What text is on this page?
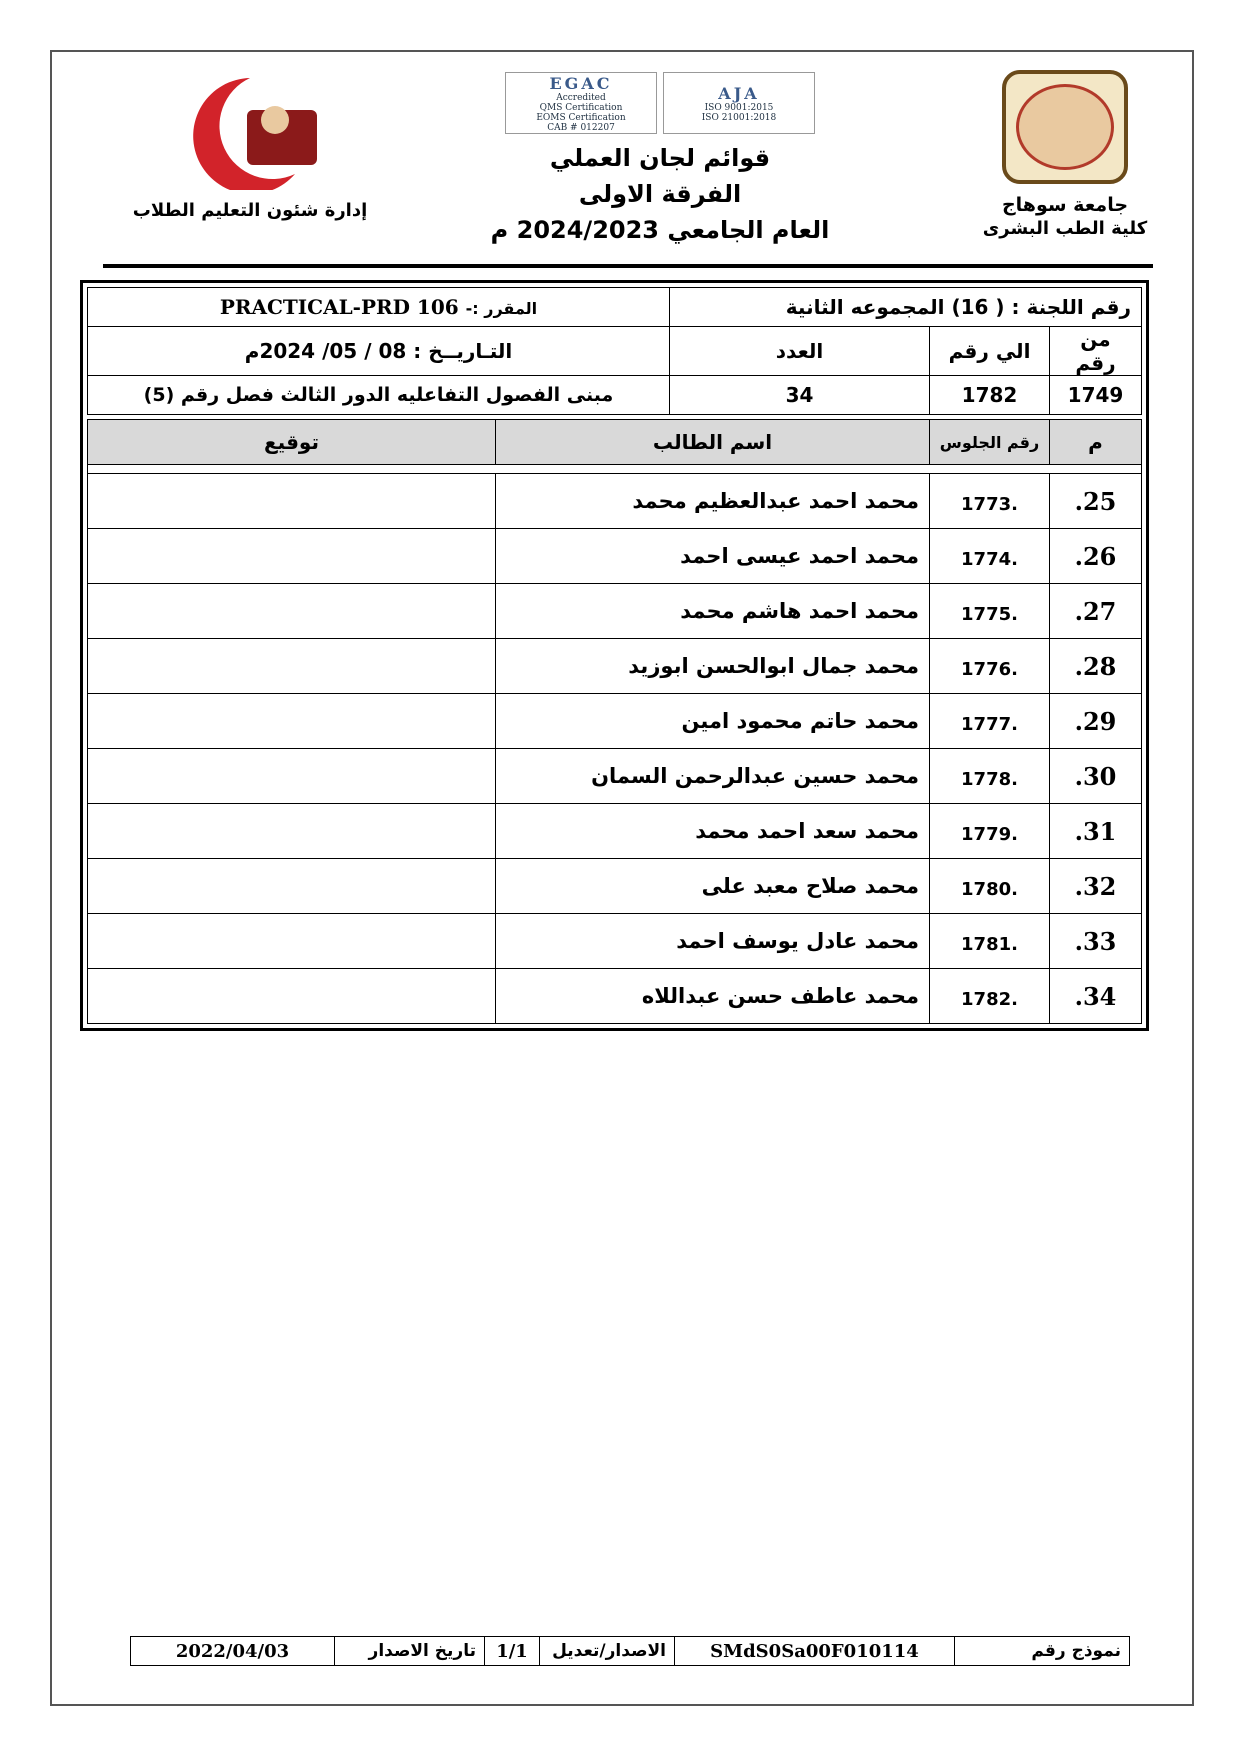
جامعة سوهاج
كلية الطب البشرى
إدارة شئون التعليم الطلاب
EGAC
Accredited
QMS Certification
EOMS Certification
CAB # 012207
AJA
ISO 9001:2015
ISO 21001:2018
قوائم لجان العملي
الفرقة الاولى
العام الجامعي 2024/2023 م
رقم اللجنة : ( 16) المجموعه الثانية			المقرر :- PRACTICAL-PRD 106
من رقم	الي رقم	العدد	التـاريــخ : 08 / 05/ 2024م
1749	1782	34	مبنى الفصول التفاعليه الدور الثالث فصل رقم (5)
م	رقم الجلوس	اسم الطالب	توقيع

.25	1773.	محمد احمد عبدالعظيم محمد	
.26	1774.	محمد احمد عيسى احمد	
.27	1775.	محمد احمد هاشم محمد	
.28	1776.	محمد جمال ابوالحسن ابوزيد	
.29	1777.	محمد حاتم محمود امين	
.30	1778.	محمد حسين عبدالرحمن السمان	
.31	1779.	محمد سعد احمد محمد	
.32	1780.	محمد صلاح معبد على	
.33	1781.	محمد عادل يوسف احمد	
.34	1782.	محمد عاطف حسن عبداللاه	
نموذج رقم	SMdS0Sa00F010114	الاصدار/تعديل	1/1	تاريخ الاصدار	2022/04/03
